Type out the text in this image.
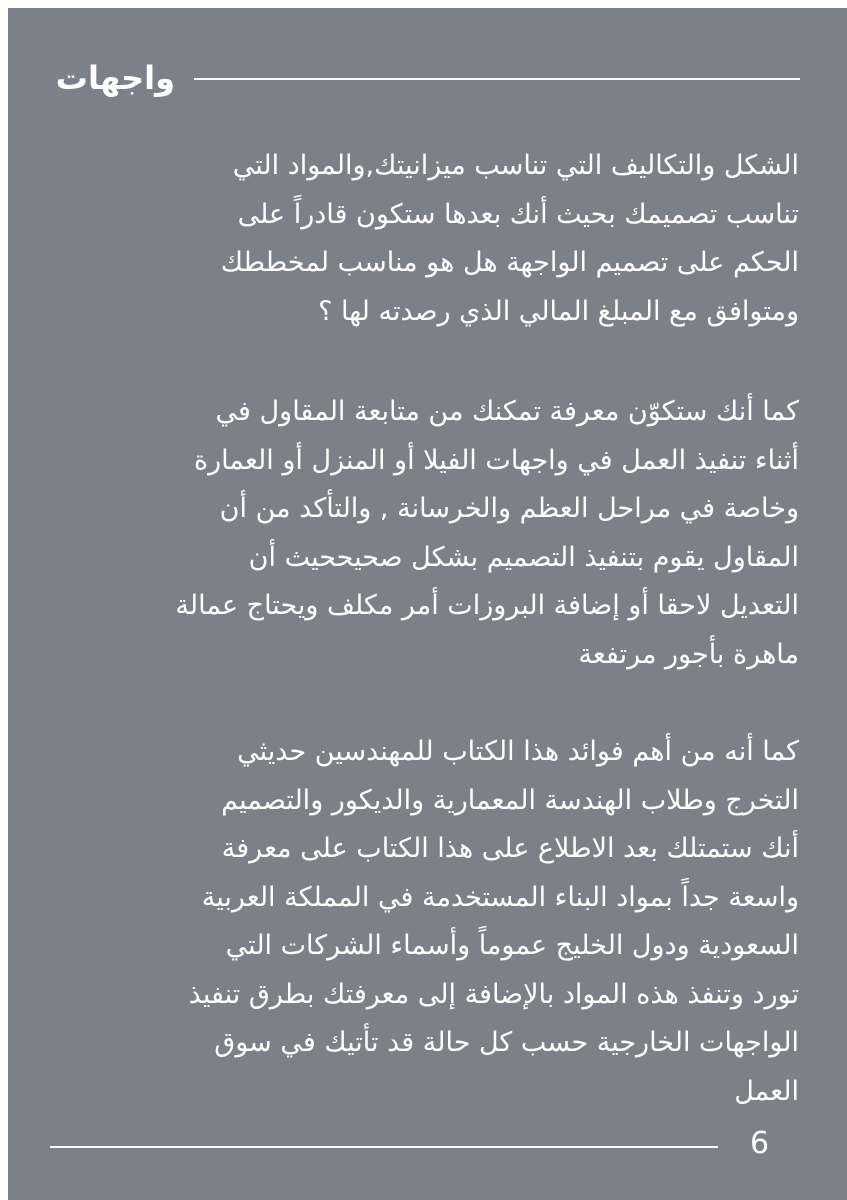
واجهات

الشكل والتكاليف التي تناسب ميزانيتك,والمواد التي
تناسب تصميمك بحيث أنك بعدها ستكون قادراً على
الحكم على تصميم الواجهة هل هو مناسب لمخططك
ومتوافق مع المبلغ المالي الذي رصدته لها ؟

كما أنك ستكوّن معرفة تمكنك من متابعة المقاول في
أثناء تنفيذ العمل في واجهات الفيلا أو المنزل أو العمارة
وخاصة في مراحل العظم والخرسانة , والتأكد من أن
المقاول يقوم بتنفيذ التصميم بشكل صحيححيث أن
التعديل لاحقا أو إضافة البروزات أمر مكلف ويحتاج عمالة
ماهرة بأجور مرتفعة

كما أنه من أهم فوائد هذا الكتاب للمهندسين حديثي
التخرج وطلاب الهندسة المعمارية والديكور والتصميم
أنك ستمتلك بعد الاطلاع على هذا الكتاب على معرفة
واسعة جداً بمواد البناء المستخدمة في المملكة العربية
السعودية ودول الخليج عموماً وأسماء الشركات التي
تورد وتنفذ هذه المواد بالإضافة إلى معرفتك بطرق تنفيذ
الواجهات الخارجية حسب كل حالة قد تأتيك في سوق
العمل

6
